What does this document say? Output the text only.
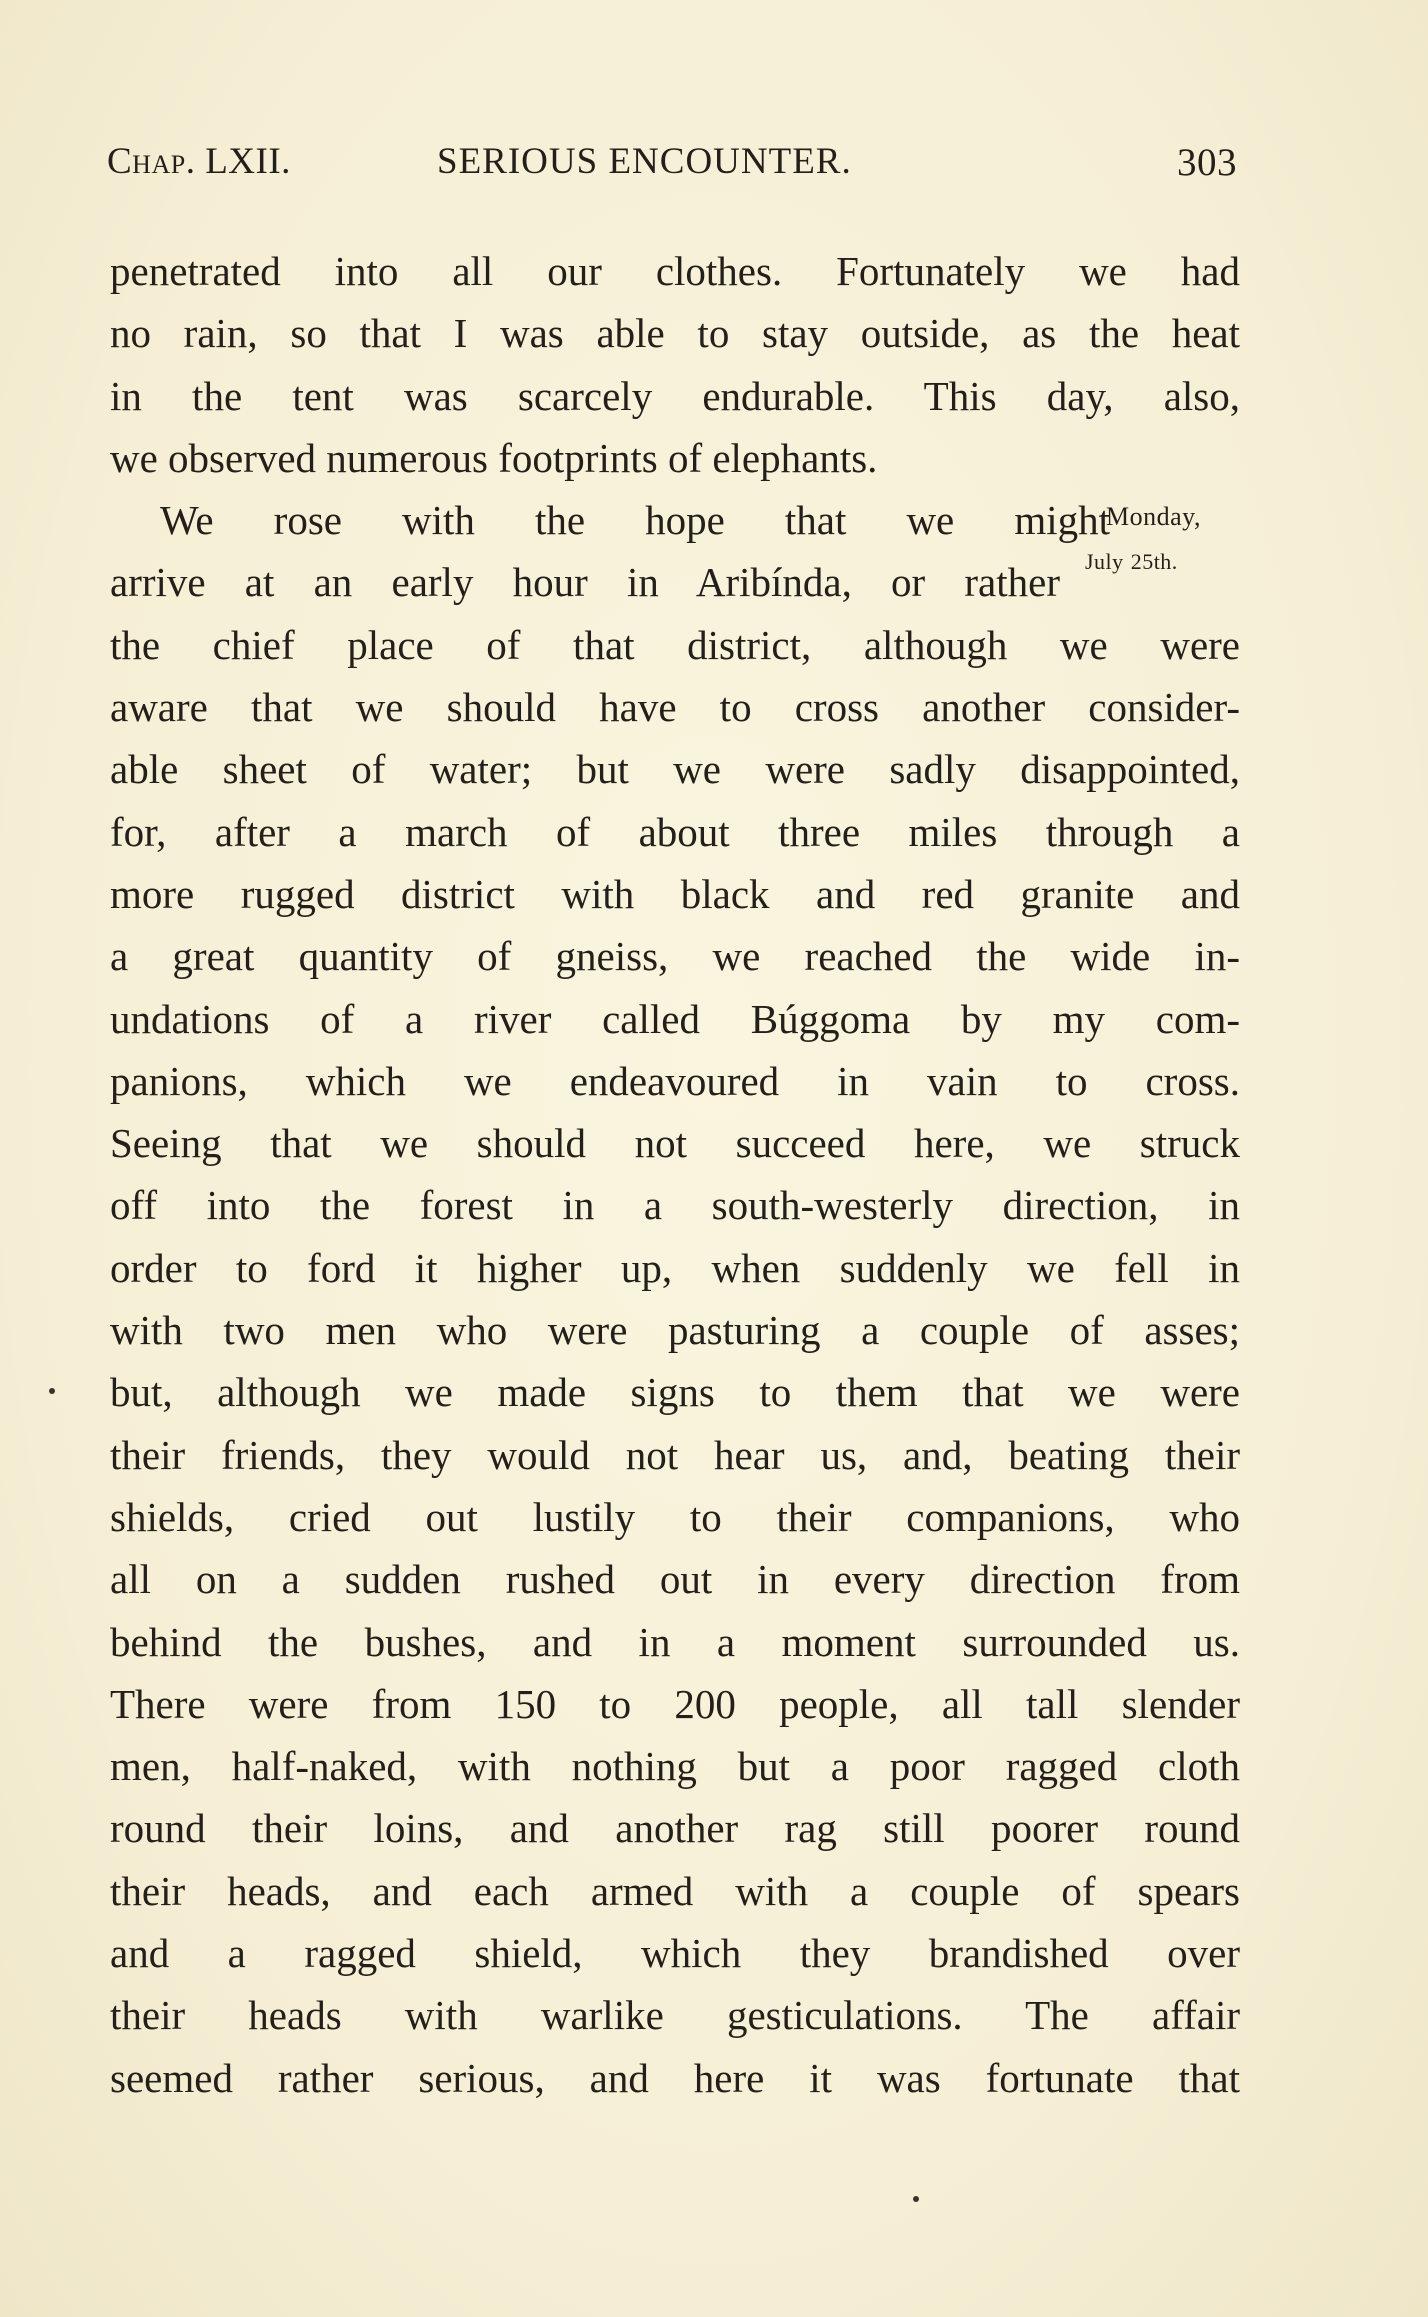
Chap. LXII.	SERIOUS ENCOUNTER.	303
penetrated into all our clothes. Fortunately we had
no rain, so that I was able to stay outside, as the heat
in the tent was scarcely endurable. This day, also,
we observed numerous footprints of elephants.
We rose with the hope that we might
arrive at an early hour in Aribínda, or rather
the chief place of that district, although we were
aware that we should have to cross another consider-
able sheet of water; but we were sadly disappointed,
for, after a march of about three miles through a
more rugged district with black and red granite and
a great quantity of gneiss, we reached the wide in-
undations of a river called Búggoma by my com-
panions, which we endeavoured in vain to cross.
Seeing that we should not succeed here, we struck
off into the forest in a south-westerly direction, in
order to ford it higher up, when suddenly we fell in
with two men who were pasturing a couple of asses;
but, although we made signs to them that we were
their friends, they would not hear us, and, beating their
shields, cried out lustily to their companions, who
all on a sudden rushed out in every direction from
behind the bushes, and in a moment surrounded us.
There were from 150 to 200 people, all tall slender
men, half-naked, with nothing but a poor ragged cloth
round their loins, and another rag still poorer round
their heads, and each armed with a couple of spears
and a ragged shield, which they brandished over
their heads with warlike gesticulations. The affair
seemed rather serious, and here it was fortunate that
Monday,
$^{July}$ $^{25th.}$
